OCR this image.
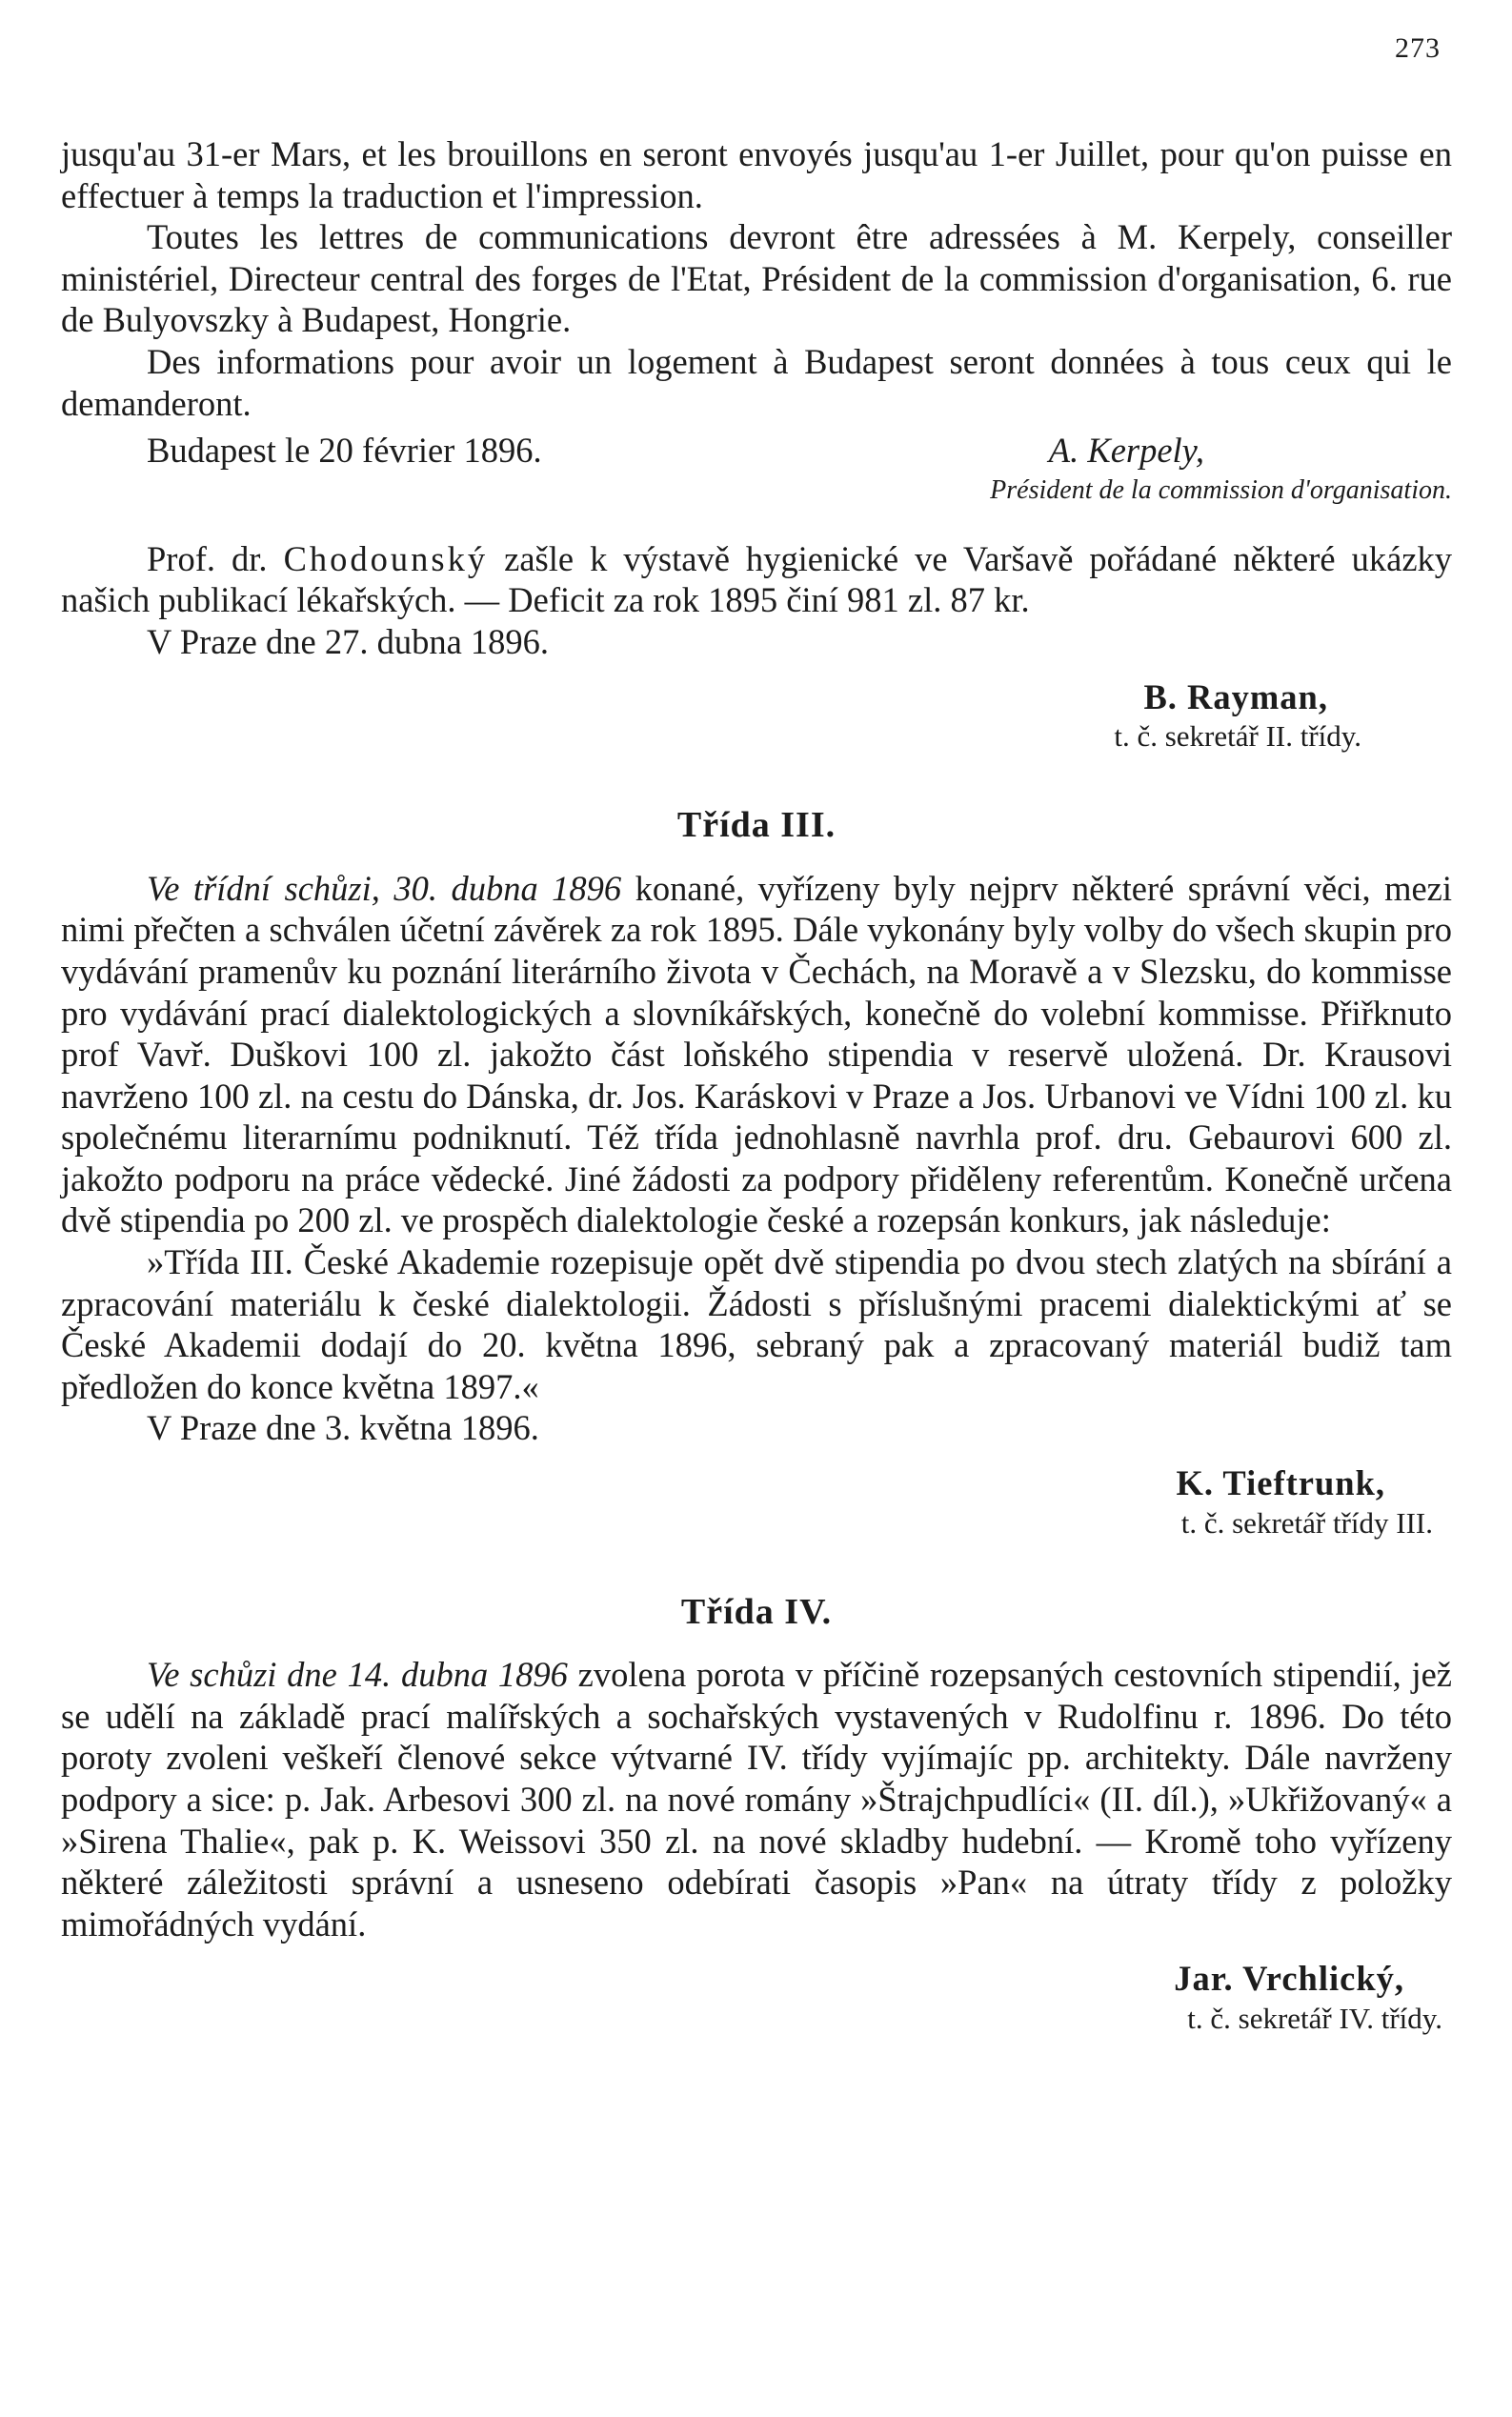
273

jusqu'au 31-er Mars, et les brouillons en seront envoyés jusqu'au 1-er Juillet, pour qu'on puisse en effectuer à temps la traduction et l'impression.

Toutes les lettres de communications devront être adressées à M. Kerpely, conseiller ministériel, Directeur central des forges de l'Etat, Président de la commission d'organisation, 6. rue de Bulyovszky à Budapest, Hongrie.

Des informations pour avoir un logement à Budapest seront données à tous ceux qui le demanderont.

Budapest le 20 février 1896.	A. Kerpely,
Président de la commission d'organisation.

Prof. dr. Chodounský zašle k výstavě hygienické ve Varšavě pořádané některé ukázky našich publikací lékařských. — Deficit za rok 1895 činí 981 zl. 87 kr.

V Praze dne 27. dubna 1896.

B. Rayman,
t. č. sekretář II. třídy.
Třída III.

Ve třídní schůzi, 30. dubna 1896 konané, vyřízeny byly nejprv některé správní věci, mezi nimi přečten a schválen účetní závěrek za rok 1895. Dále vykonány byly volby do všech skupin pro vydávání pramenův ku poznání literárního života v Čechách, na Moravě a v Slezsku, do kommisse pro vydávání prací dialektologických a slovníkářských, konečně do volební kommisse. Přiřknuto prof Vavř. Duškovi 100 zl. jakožto část loňského stipendia v reservě uložená. Dr. Krausovi navrženo 100 zl. na cestu do Dánska, dr. Jos. Karáskovi v Praze a Jos. Urbanovi ve Vídni 100 zl. ku společnému literarnímu podniknutí. Též třída jednohlasně navrhla prof. dru. Gebaurovi 600 zl. jakožto podporu na práce vědecké. Jiné žádosti za podpory přiděleny referentům. Konečně určena dvě stipendia po 200 zl. ve prospěch dialektologie české a rozepsán konkurs, jak následuje:

»Třída III. České Akademie rozepisuje opět dvě stipendia po dvou stech zlatých na sbírání a zpracování materiálu k české dialektologii. Žádosti s příslušnými pracemi dialektickými ať se České Akademii dodají do 20. května 1896, sebraný pak a zpracovaný materiál budiž tam předložen do konce května 1897.«

V Praze dne 3. května 1896.

K. Tieftrunk,
t. č. sekretář třídy III.
Třída IV.

Ve schůzi dne 14. dubna 1896 zvolena porota v příčině rozepsaných cestovních stipendií, jež se udělí na základě prací malířských a sochařských vystavených v Rudolfinu r. 1896. Do této poroty zvoleni veškeří členové sekce výtvarné IV. třídy vyjímajíc pp. architekty. Dále navrženy podpory a sice: p. Jak. Arbesovi 300 zl. na nové romány »Štrajchpudlíci« (II. díl.), »Ukřižovaný« a »Sirena Thalie«, pak p. K. Weissovi 350 zl. na nové skladby hudební. — Kromě toho vyřízeny některé záležitosti správní a usneseno odebírati časopis »Pan« na útraty třídy z položky mimořádných vydání.

Jar. Vrchlický,
t. č. sekretář IV. třídy.
